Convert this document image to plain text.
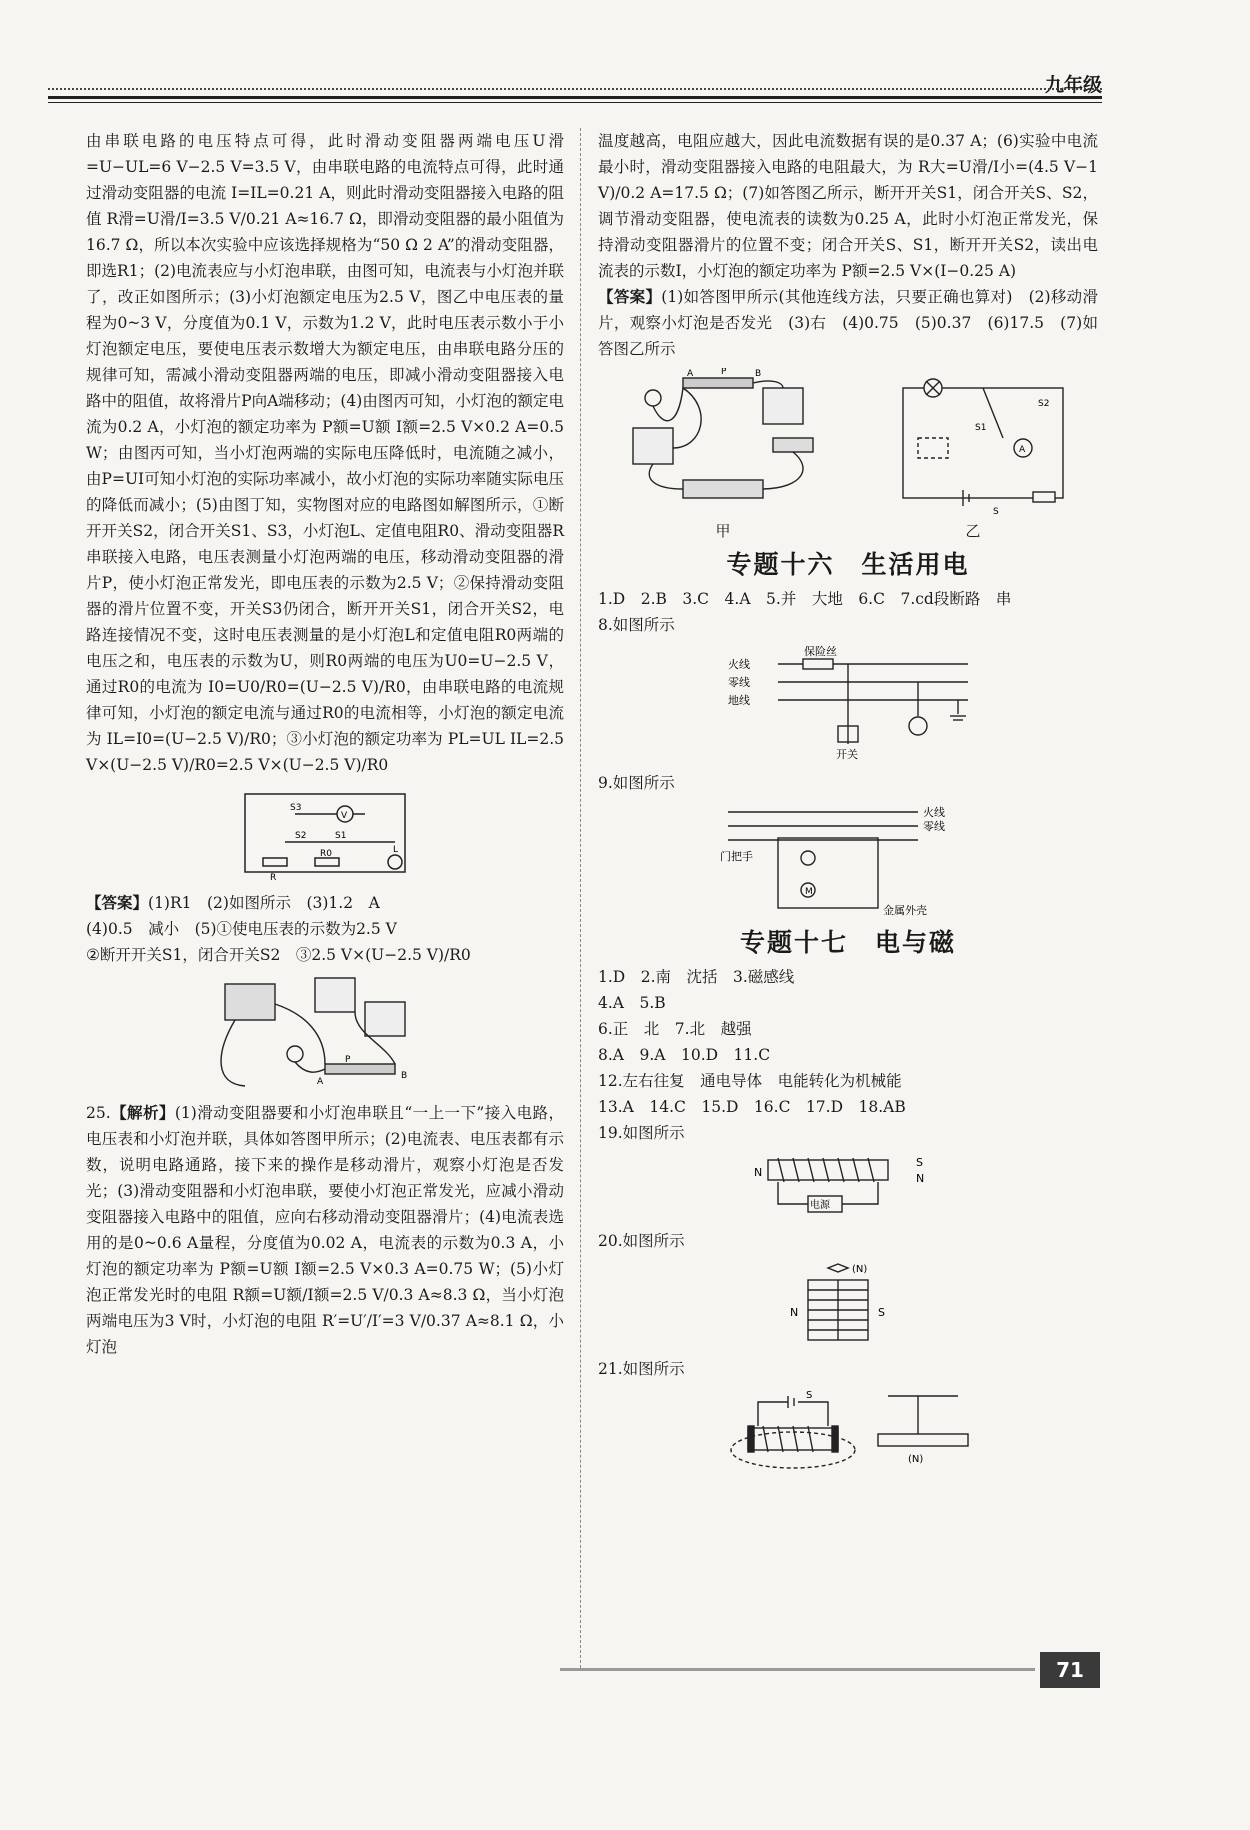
九年级

由串联电路的电压特点可得，此时滑动变阻器两端电压U滑=U−UL=6 V−2.5 V=3.5 V，由串联电路的电流特点可得，此时通过滑动变阻器的电流 I=IL=0.21 A，则此时滑动变阻器接入电路的阻值 R滑=U滑/I=3.5 V/0.21 A≈16.7 Ω，即滑动变阻器的最小阻值为16.7 Ω，所以本次实验中应该选择规格为“50 Ω 2 A”的滑动变阻器，即选R1；(2)电流表应与小灯泡串联，由图可知，电流表与小灯泡并联了，改正如图所示；(3)小灯泡额定电压为2.5 V，图乙中电压表的量程为0~3 V，分度值为0.1 V，示数为1.2 V，此时电压表示数小于小灯泡额定电压，要使电压表示数增大为额定电压，由串联电路分压的规律可知，需减小滑动变阻器两端的电压，即减小滑动变阻器接入电路中的阻值，故将滑片P向A端移动；(4)由图丙可知，小灯泡的额定电流为0.2 A，小灯泡的额定功率为 P额=U额 I额=2.5 V×0.2 A=0.5 W；由图丙可知，当小灯泡两端的实际电压降低时，电流随之减小，由P=UI可知小灯泡的实际功率减小，故小灯泡的实际功率随实际电压的降低而减小；(5)由图丁知，实物图对应的电路图如解图所示，①断开开关S2，闭合开关S1、S3，小灯泡L、定值电阻R0、滑动变阻器R串联接入电路，电压表测量小灯泡两端的电压，移动滑动变阻器的滑片P，使小灯泡正常发光，即电压表的示数为2.5 V；②保持滑动变阻器的滑片位置不变，开关S3仍闭合，断开开关S1，闭合开关S2，电路连接情况不变，这时电压表测量的是小灯泡L和定值电阻R0两端的电压之和，电压表的示数为U，则R0两端的电压为U0=U−2.5 V，通过R0的电流为 I0=U0/R0=(U−2.5 V)/R0，由串联电路的电流规律可知，小灯泡的额定电流与通过R0的电流相等，小灯泡的额定电流为 IL=I0=(U−2.5 V)/R0；③小灯泡的额定功率为 PL=UL IL=2.5 V×(U−2.5 V)/R0=2.5 V×(U−2.5 V)/R0

V
S3
S2	S1
R0
R
L

【答案】(1)R1　(2)如图所示　(3)1.2　A
(4)0.5　减小　(5)①使电压表的示数为2.5 V
②断开开关S1，闭合开关S2　③2.5 V×(U−2.5 V)/R0

A
P
B

25.【解析】(1)滑动变阻器要和小灯泡串联且“一上一下”接入电路，电压表和小灯泡并联，具体如答图甲所示；(2)电流表、电压表都有示数，说明电路通路，接下来的操作是移动滑片，观察小灯泡是否发光；(3)滑动变阻器和小灯泡串联，要使小灯泡正常发光，应减小滑动变阻器接入电路中的阻值，应向右移动滑动变阻器滑片；(4)电流表选用的是0~0.6 A量程，分度值为0.02 A，电流表的示数为0.3 A，小灯泡的额定功率为 P额=U额 I额=2.5 V×0.3 A=0.75 W；(5)小灯泡正常发光时的电阻 R额=U额/I额=2.5 V/0.3 A≈8.3 Ω，当小灯泡两端电压为3 V时，小灯泡的电阻 R′=U′/I′=3 V/0.37 A≈8.1 Ω，小灯泡

温度越高，电阻应越大，因此电流数据有误的是0.37 A；(6)实验中电流最小时，滑动变阻器接入电路的电阻最大，为 R大=U滑/I小=(4.5 V−1 V)/0.2 A=17.5 Ω；(7)如答图乙所示，断开开关S1，闭合开关S、S2，调节滑动变阻器，使电流表的读数为0.25 A，此时小灯泡正常发光，保持滑动变阻器滑片的位置不变；闭合开关S、S1，断开开关S2，读出电流表的示数I，小灯泡的额定功率为 P额=2.5 V×(I−0.25 A)

【答案】(1)如答图甲所示(其他连线方法，只要正确也算对)　(2)移动滑片，观察小灯泡是否发光　(3)右　(4)0.75　(5)0.37　(6)17.5　(7)如答图乙所示

A	P	B
A
S2
S1
S
甲	乙
专题十六　生活用电

1.D　2.B　3.C　4.A　5.并　大地　6.C　7.cd段断路　串

8.如图所示

保险丝
火线
零线
地线
开关

9.如图所示

火线
零线
门把手
金属外壳
M
专题十七　电与磁

1.D　2.南　沈括　3.磁感线

4.A　5.B

6.正　北　7.北　越强

8.A　9.A　10.D　11.C

12.左右往复　通电导体　电能转化为机械能

13.A　14.C　15.D　16.C　17.D　18.AB

19.如图所示

N
S
N
电源

20.如图所示

(N)
N	S

21.如图所示

S
(N)
71
